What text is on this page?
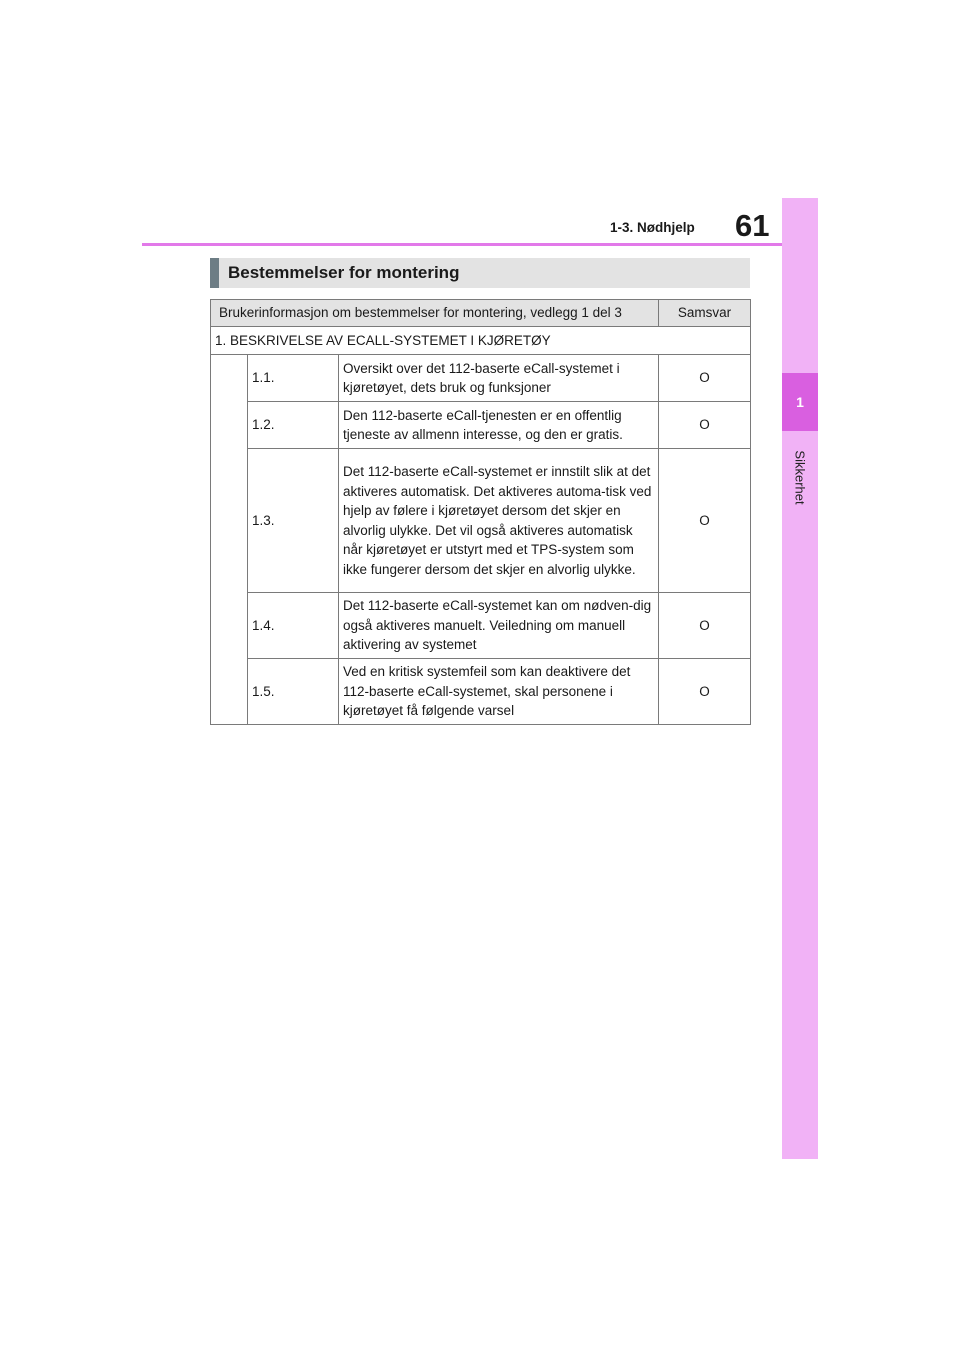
61
1-3. Nødhjelp
1
Sikkerhet
Bestemmelser for montering
Brukerinformasjon om bestemmelser for montering, vedlegg 1 del 3			Samsvar
1. BESKRIVELSE AV ECALL-SYSTEMET I KJØRETØY			
	1.1.	Oversikt over det 112-baserte eCall-systemet i kjøretøyet, dets bruk og funksjoner	O
	1.2.	Den 112-baserte eCall-tjenesten er en offentlig tjeneste av allmenn interesse, og den er gratis.	O
	1.3.	Det 112-baserte eCall-systemet er innstilt slik at det aktiveres automatisk. Det aktiveres automa-tisk ved hjelp av følere i kjøretøyet dersom det skjer en alvorlig ulykke. Det vil også aktiveres automatisk når kjøretøyet er utstyrt med et TPS-system som ikke fungerer dersom det skjer en alvorlig ulykke.	O
	1.4.	Det 112-baserte eCall-systemet kan om nødven-dig også aktiveres manuelt. Veiledning om manuell aktivering av systemet	O
	1.5.	Ved en kritisk systemfeil som kan deaktivere det 112-baserte eCall-systemet, skal personene i kjøretøyet få følgende varsel	O
